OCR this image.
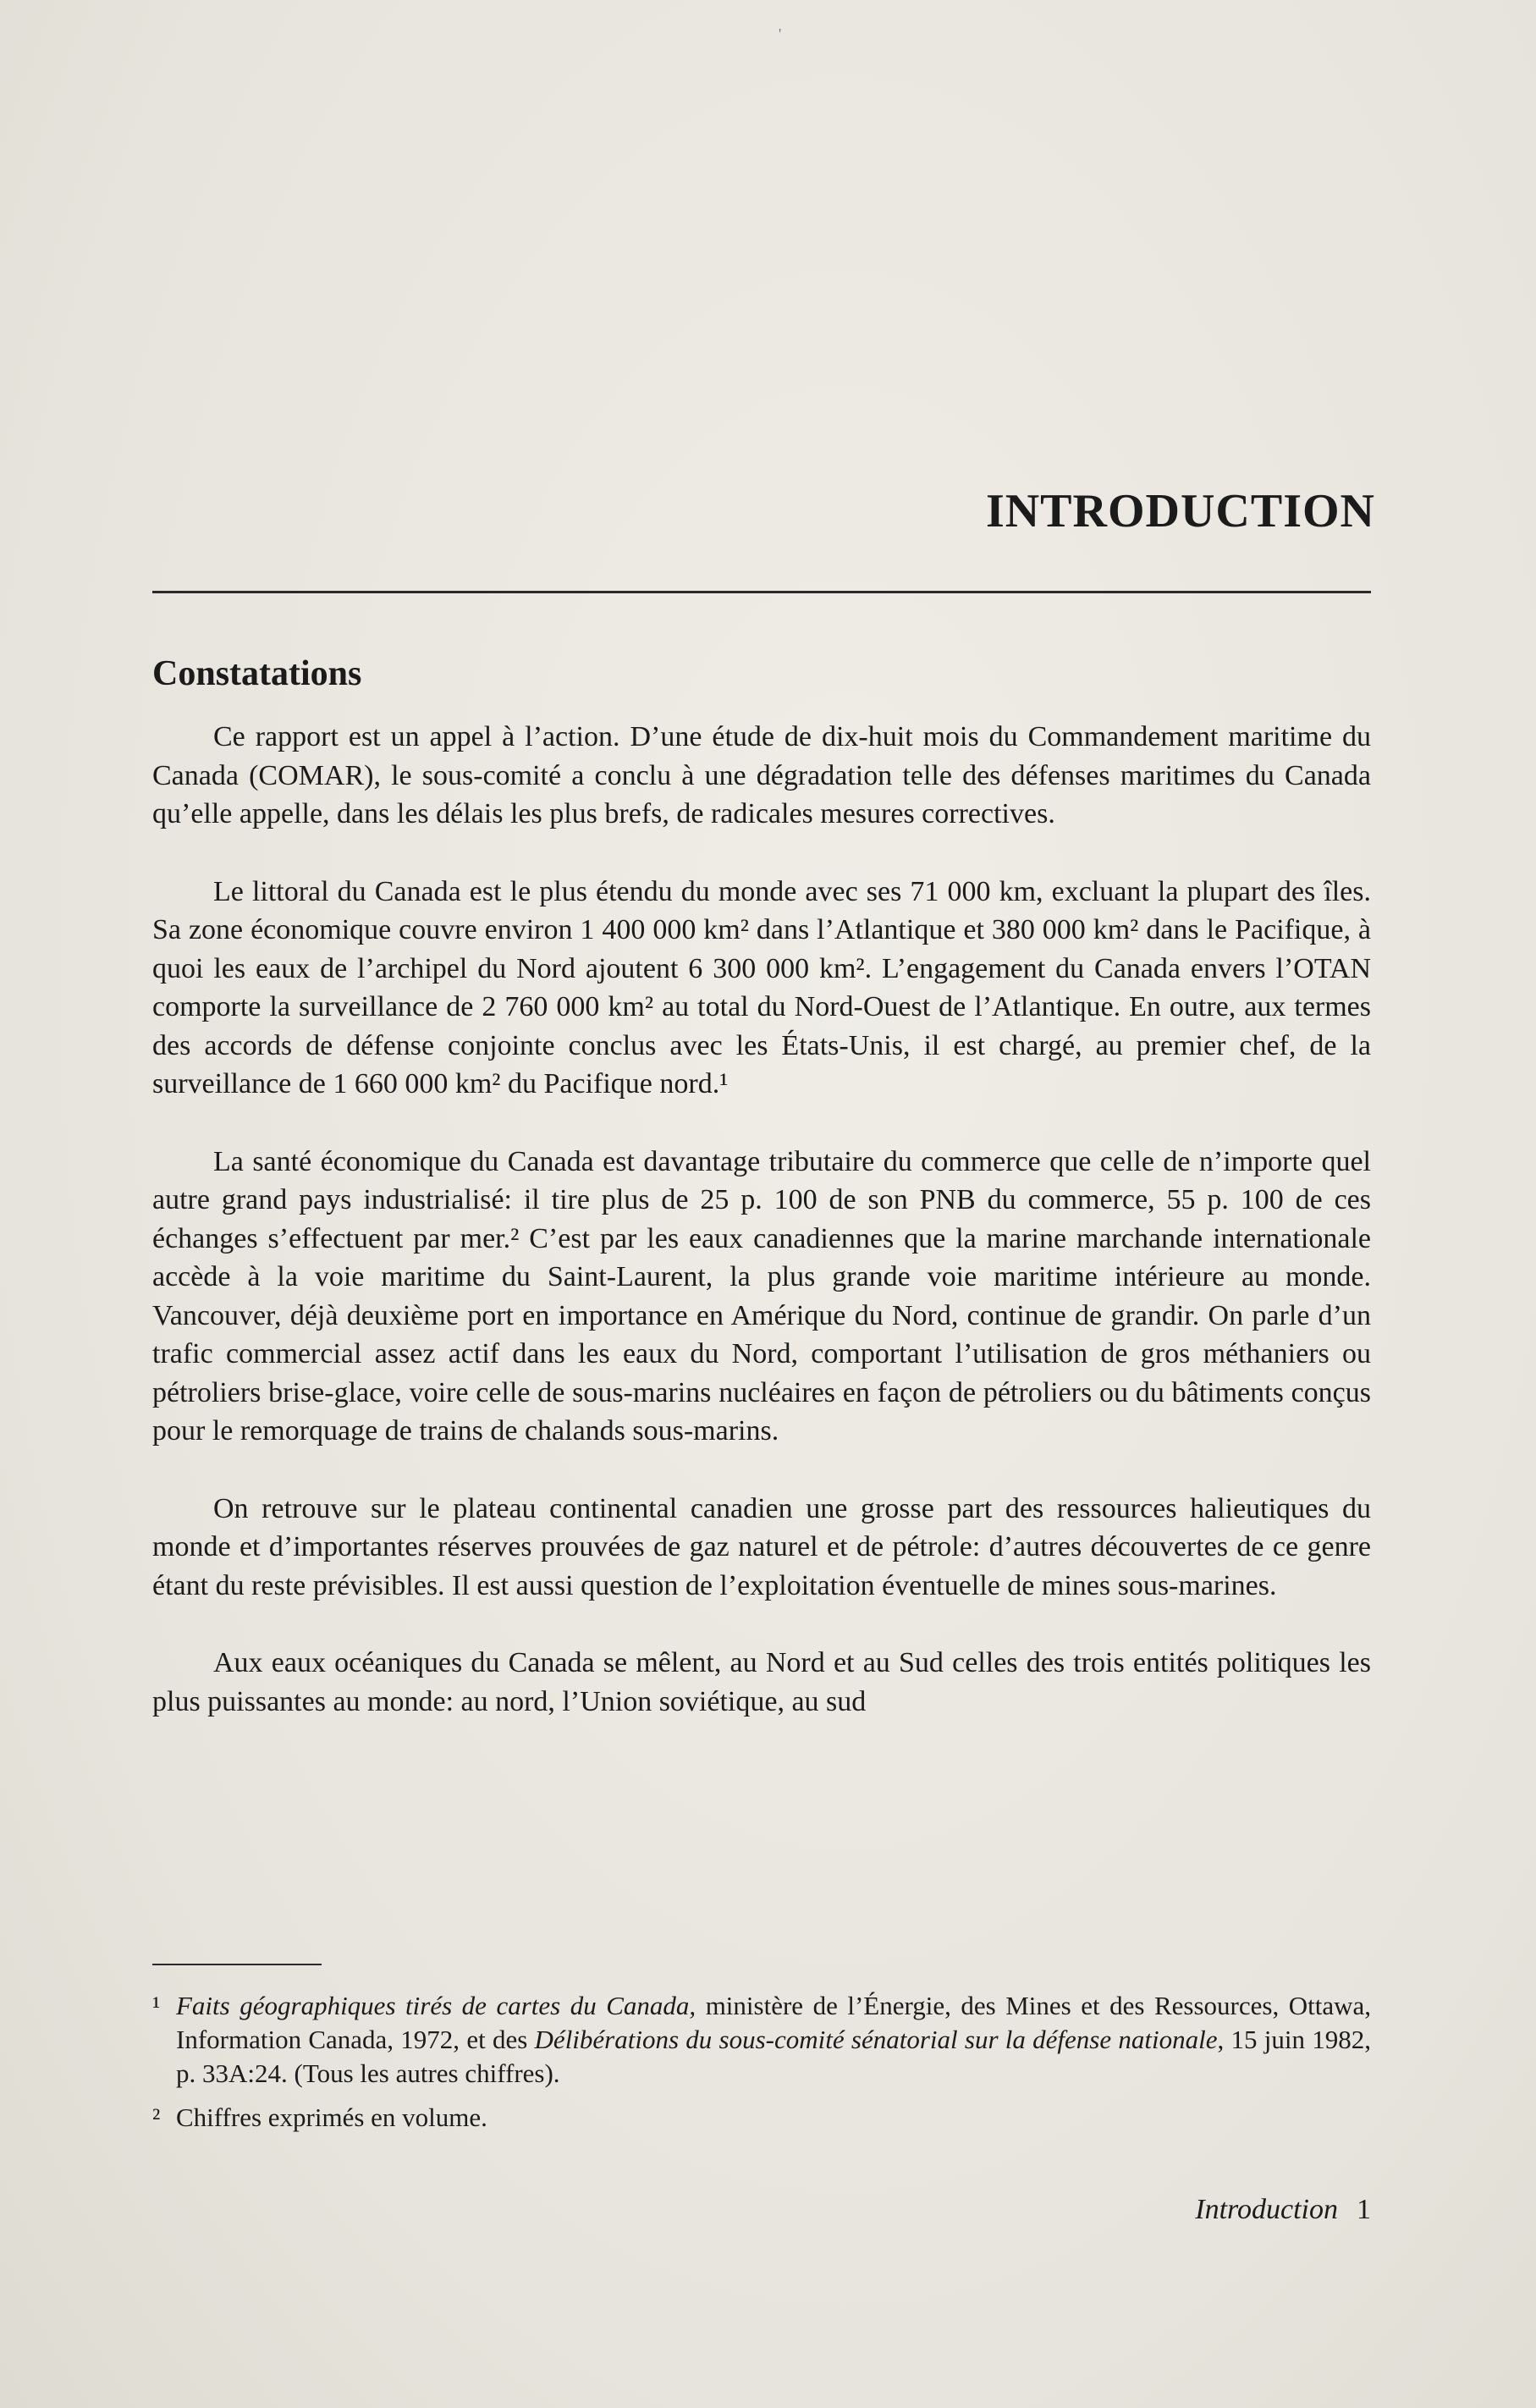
'
INTRODUCTION
Constatations

Ce rapport est un appel à l’action. D’une étude de dix-huit mois du Commandement maritime du Canada (COMAR), le sous-comité a conclu à une dégradation telle des défenses maritimes du Canada qu’elle appelle, dans les délais les plus brefs, de radicales mesures correctives.

Le littoral du Canada est le plus étendu du monde avec ses 71 000 km, excluant la plupart des îles. Sa zone économique couvre environ 1 400 000 km² dans l’Atlantique et 380 000 km² dans le Pacifique, à quoi les eaux de l’archipel du Nord ajoutent 6 300 000 km². L’engagement du Canada envers l’OTAN comporte la surveillance de 2 760 000 km² au total du Nord-Ouest de l’Atlantique. En outre, aux termes des accords de défense conjointe conclus avec les États-Unis, il est chargé, au premier chef, de la surveillance de 1 660 000 km² du Pacifique nord.¹

La santé économique du Canada est davantage tributaire du commerce que celle de n’importe quel autre grand pays industrialisé: il tire plus de 25 p. 100 de son PNB du commerce, 55 p. 100 de ces échanges s’effectuent par mer.² C’est par les eaux canadiennes que la marine marchande internationale accède à la voie maritime du Saint-Laurent, la plus grande voie maritime intérieure au monde. Vancouver, déjà deuxième port en importance en Amérique du Nord, continue de grandir. On parle d’un trafic commercial assez actif dans les eaux du Nord, comportant l’utilisation de gros méthaniers ou pétroliers brise-glace, voire celle de sous-marins nucléaires en façon de pétroliers ou du bâtiments conçus pour le remorquage de trains de chalands sous-marins.

On retrouve sur le plateau continental canadien une grosse part des ressources halieutiques du monde et d’importantes réserves prouvées de gaz naturel et de pétrole: d’autres découvertes de ce genre étant du reste prévisibles. Il est aussi question de l’exploitation éventuelle de mines sous-marines.

Aux eaux océaniques du Canada se mêlent, au Nord et au Sud celles des trois entités politiques les plus puissantes au monde: au nord, l’Union soviétique, au sud

¹ Faits géographiques tirés de cartes du Canada, ministère de l’Énergie, des Mines et des Ressources, Ottawa, Information Canada, 1972, et des Délibérations du sous-comité sénatorial sur la défense nationale, 15 juin 1982, p. 33A:24. (Tous les autres chiffres).

² Chiffres exprimés en volume.

Introduction 1
